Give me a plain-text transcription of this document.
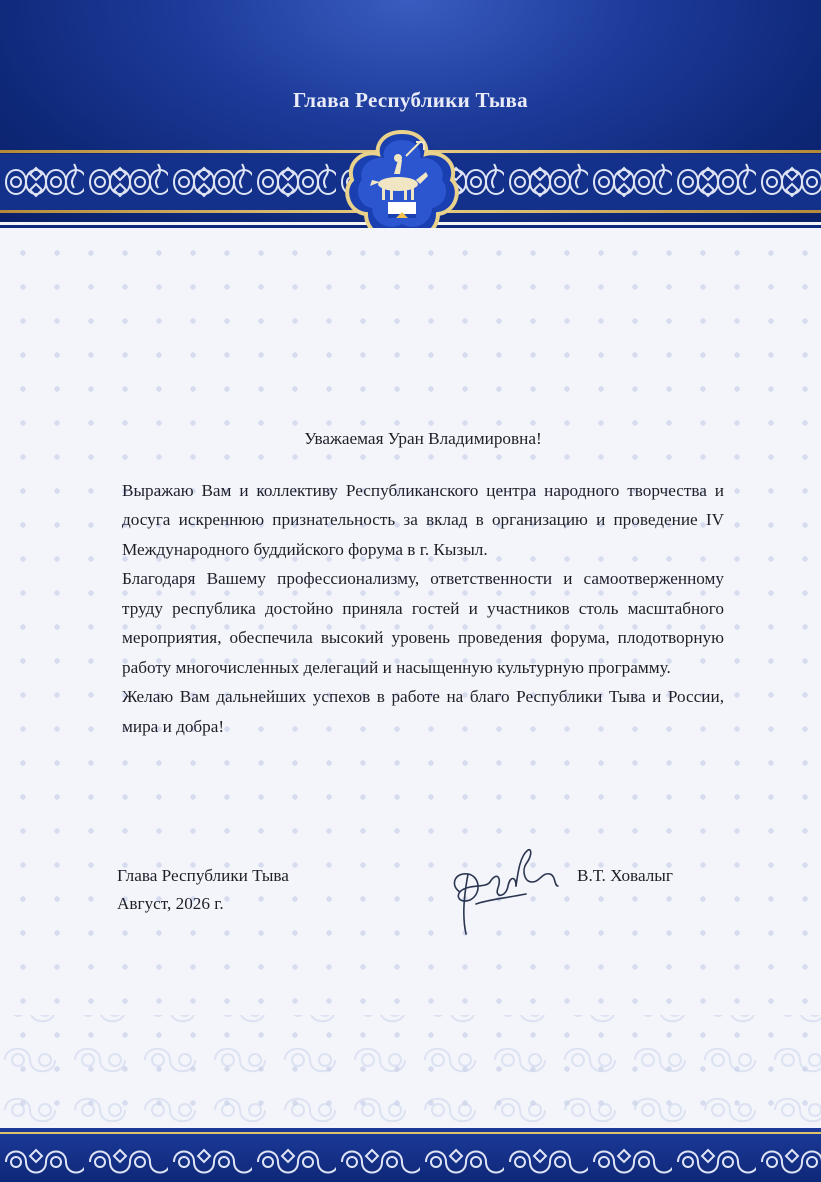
Глава Республики Тыва

Уважаемая Уран Владимировна!

Выражаю Вам и коллективу Республиканского центра народного творчества и досуга искреннюю признательность за вклад в организацию и проведение IV Международного буддийского форума в г. Кызыл.

Благодаря Вашему профессионализму, ответственности и самоотверженному труду республика достойно приняла гостей и участников столь масштабного мероприятия, обеспечила высокий уровень проведения форума, плодотворную работу многочисленных делегаций и насыщенную культурную программу.

Желаю Вам дальнейших успехов в работе на благо Республики Тыва и России, мира и добра!

Глава Республики Тыва
Август, 2026 г.
В.Т. Ховалыг
